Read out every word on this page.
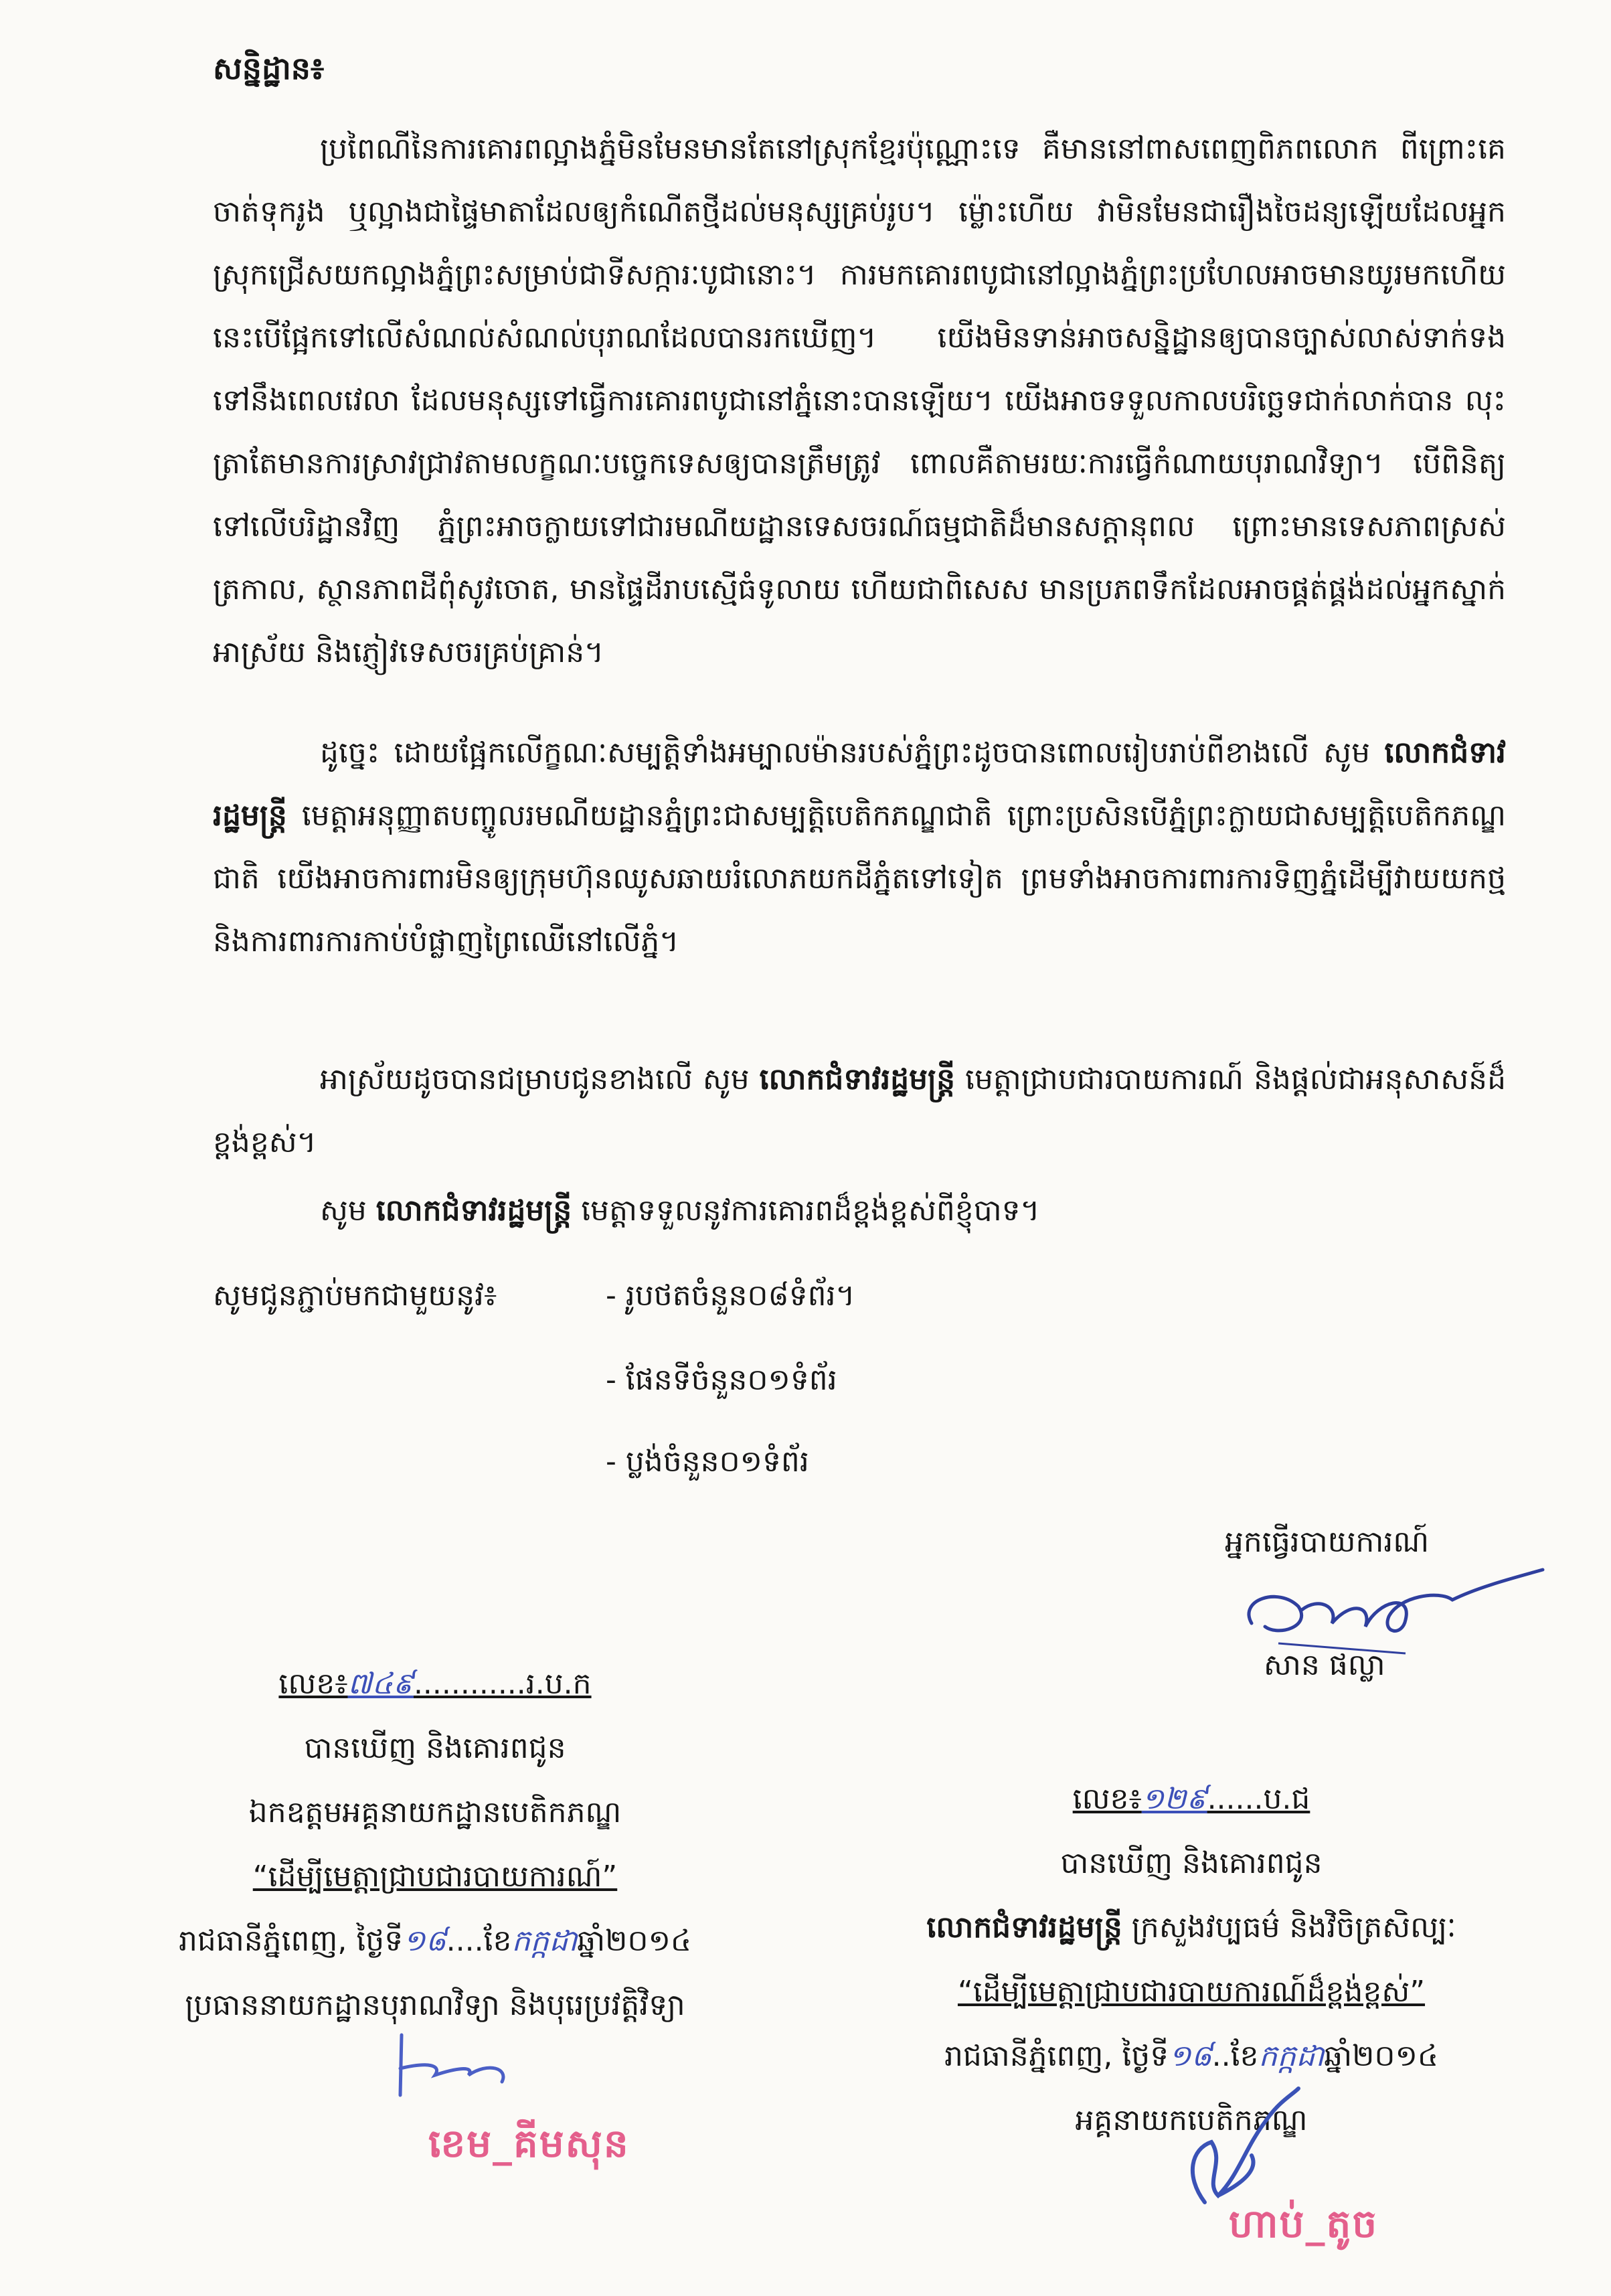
សន្និដ្ឋាន៖

ប្រពៃណីនៃការគោរពល្អាងភ្នំមិនមែនមានតែនៅស្រុកខ្មែរប៉ុណ្ណោះទេ គឺមាននៅពាសពេញពិភពលោក ពីព្រោះគេចាត់ទុករូង ឬល្អាងជាផ្ទៃមាតាដែលឲ្យកំណើតថ្មីដល់មនុស្សគ្រប់រូប។ ម្ល៉ោះហើយ វាមិនមែនជារឿងចៃដន្យឡើយដែលអ្នកស្រុកជ្រើសយកល្អាងភ្នំព្រះសម្រាប់ជាទីសក្ការៈបូជានោះ។ ការមកគោរពបូជានៅល្អាងភ្នំព្រះប្រហែលអាចមានយូរមកហើយ នេះបើផ្អែកទៅលើសំណល់សំណល់បុរាណដែលបានរកឃើញ។ យើងមិនទាន់អាចសន្និដ្ឋានឲ្យបានច្បាស់លាស់ទាក់ទងទៅនឹងពេលវេលា ដែលមនុស្សទៅធ្វើការគោរពបូជានៅភ្នំនោះបានឡើយ។ យើងអាចទទួលកាលបរិច្ឆេទជាក់លាក់បាន លុះត្រាតែមានការស្រាវជ្រាវតាមលក្ខណៈបច្ចេកទេសឲ្យបានត្រឹមត្រូវ ពោលគឺតាមរយៈការធ្វើកំណាយបុរាណវិទ្យា។ បើពិនិត្យទៅលើបរិដ្ឋានវិញ ភ្នំព្រះអាចក្លាយទៅជារមណីយដ្ឋានទេសចរណ៍ធម្មជាតិដ៏មានសក្តានុពល ព្រោះមានទេសភាពស្រស់ត្រកាល, ស្ថានភាពដីពុំសូវចោត, មានផ្ទៃដីរាបស្មើធំទូលាយ ហើយជាពិសេស មានប្រភពទឹកដែលអាចផ្គត់ផ្គង់ដល់អ្នកស្នាក់អាស្រ័យ និងភ្ញៀវទេសចរគ្រប់គ្រាន់។

ដូច្នេះ ដោយផ្អែកលើក្ខណៈសម្បត្តិទាំងអម្បាលម៉ានរបស់ភ្នំព្រះដូចបានពោលរៀបរាប់ពីខាងលើ សូម លោកជំទាវរដ្ឋមន្ត្រី មេត្តាអនុញ្ញាតបញ្ចូលរមណីយដ្ឋានភ្នំព្រះជាសម្បត្តិបេតិកភណ្ឌជាតិ ព្រោះប្រសិនបើភ្នំព្រះក្លាយជាសម្បត្តិបេតិកភណ្ឌជាតិ យើងអាចការពារមិនឲ្យក្រុមហ៊ុនឈូសឆាយរំលោភយកដីភ្នំតទៅទៀត ព្រមទាំងអាចការពារការទិញភ្នំដើម្បីវាយយកថ្ម និងការពារការកាប់បំផ្លាញព្រៃឈើនៅលើភ្នំ។

អាស្រ័យដូចបានជម្រាបជូនខាងលើ សូម លោកជំទាវរដ្ឋមន្ត្រី មេត្តាជ្រាបជារបាយការណ៍ និងផ្តល់ជាអនុសាសន៍ដ៏ខ្ពង់ខ្ពស់។

សូម លោកជំទាវរដ្ឋមន្ត្រី មេត្តាទទួលនូវការគោរពដ៏ខ្ពង់ខ្ពស់ពីខ្ញុំបាទ។

សូមជូនភ្ជាប់មកជាមួយនូវ៖	- រូបថតចំនួន០៨ទំព័រ។
- ផែនទីចំនួន០១ទំព័រ
- ប្លង់ចំនួន០១ទំព័រ
អ្នកធ្វើរបាយការណ៍
សាន ផល្លា
លេខ៖៧៤៩............រ.ប.ក
បានឃើញ និងគោរពជូន
ឯកឧត្តមអគ្គនាយកដ្ឋានបេតិកភណ្ឌ
“ដើម្បីមេត្តាជ្រាបជារបាយការណ៍”
រាជធានីភ្នំពេញ, ថ្ងៃទី១៨....ខែកក្កដាឆ្នាំ២០១៤
ប្រធាននាយកដ្ឋានបុរាណវិទ្យា និងបុរេប្រវត្តិវិទ្យា
ខេម_គីមសុន
លេខ៖១២៩......ប.ជ
បានឃើញ និងគោរពជូន
លោកជំទាវរដ្ឋមន្ត្រី ក្រសួងវប្បធម៌ និងវិចិត្រសិល្បៈ
“ដើម្បីមេត្តាជ្រាបជារបាយការណ៍ដ៏ខ្ពង់ខ្ពស់”
រាជធានីភ្នំពេញ, ថ្ងៃទី១៨..ខែកក្កដាឆ្នាំ២០១៤
អគ្គនាយកបេតិកភណ្ឌ
ហាប់_តូច
